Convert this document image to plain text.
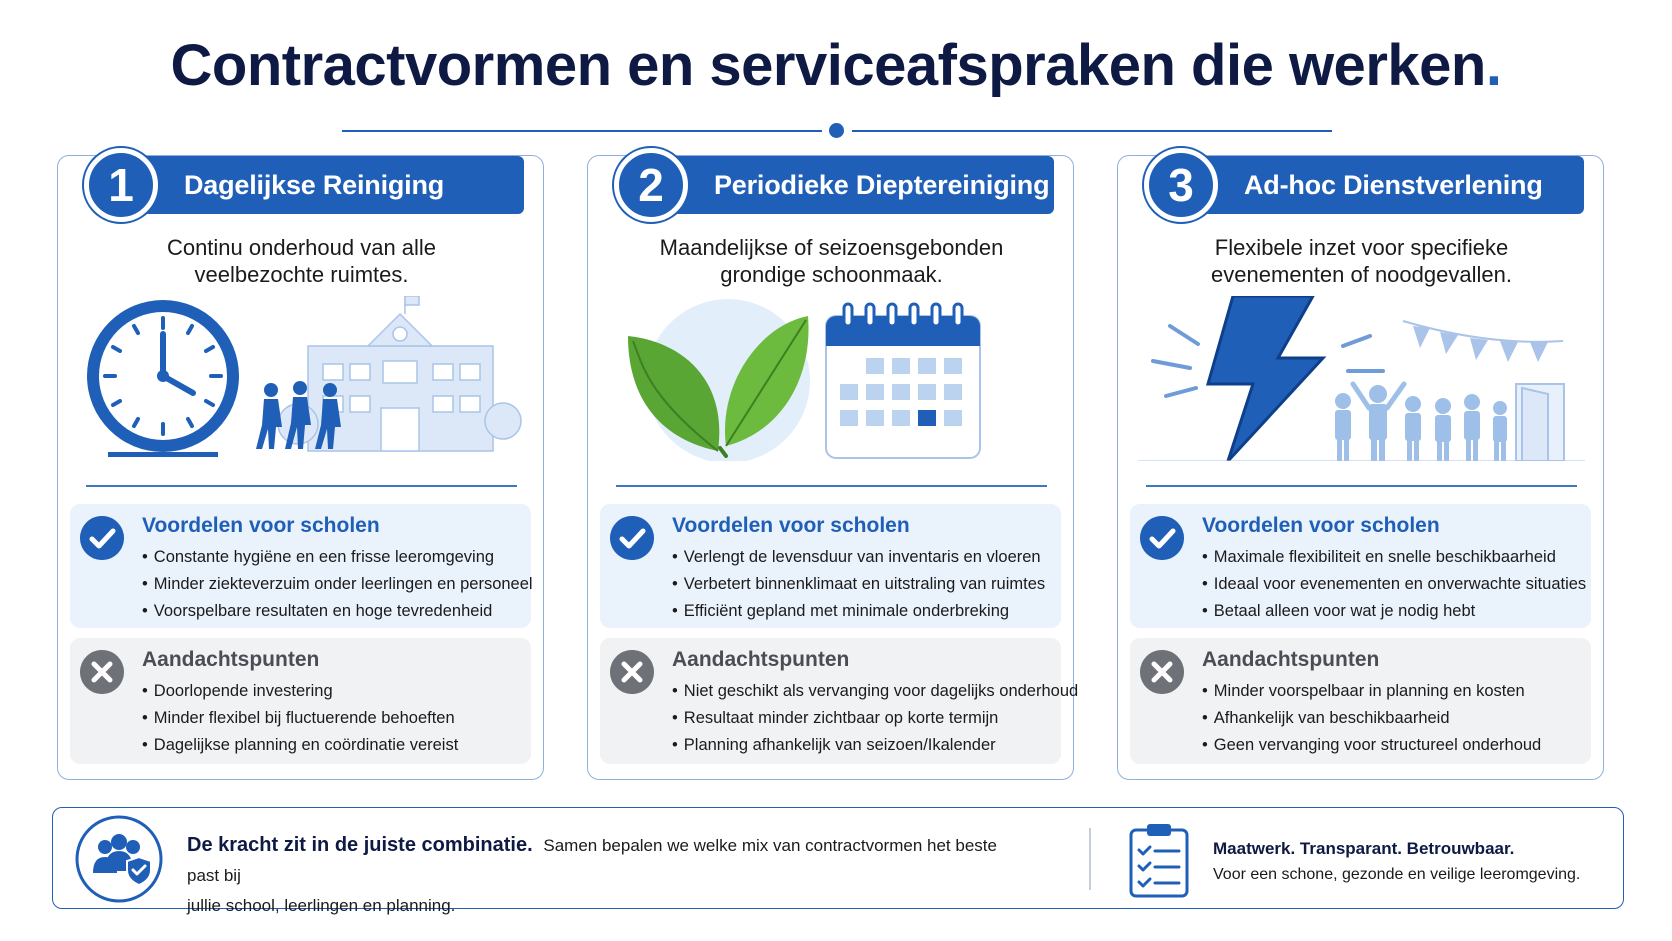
Contractvormen en serviceafspraken die werken.
Dagelijkse Reiniging
1
Continu onderhoud van alle
veelbezochte ruimtes.
Voordelen voor scholen
• Constante hygiëne en een frisse leeromgeving
• Minder ziekteverzuim onder leerlingen en personeel
• Voorspelbare resultaten en hoge tevredenheid
Aandachtspunten
• Doorlopende investering
• Minder flexibel bij fluctuerende behoeften
• Dagelijkse planning en coördinatie vereist
Periodieke Dieptereiniging
2
Maandelijkse of seizoensgebonden
grondige schoonmaak.
Voordelen voor scholen
• Verlengt de levensduur van inventaris en vloeren
• Verbetert binnenklimaat en uitstraling van ruimtes
• Efficiënt gepland met minimale onderbreking
Aandachtspunten
• Niet geschikt als vervanging voor dagelijks onderhoud
• Resultaat minder zichtbaar op korte termijn
• Planning afhankelijk van seizoen/Ikalender
Ad-hoc Dienstverlening
3
Flexibele inzet voor specifieke
evenementen of noodgevallen.
Voordelen voor scholen
• Maximale flexibiliteit en snelle beschikbaarheid
• Ideaal voor evenementen en onverwachte situaties
• Betaal alleen voor wat je nodig hebt
Aandachtspunten
• Minder voorspelbaar in planning en kosten
• Afhankelijk van beschikbaarheid
• Geen vervanging voor structureel onderhoud
De kracht zit in de juiste combinatie. Samen bepalen we welke mix van contractvormen het beste past bij
jullie school, leerlingen en planning.
Maatwerk. Transparant. Betrouwbaar.
Voor een schone, gezonde en veilige leeromgeving.
